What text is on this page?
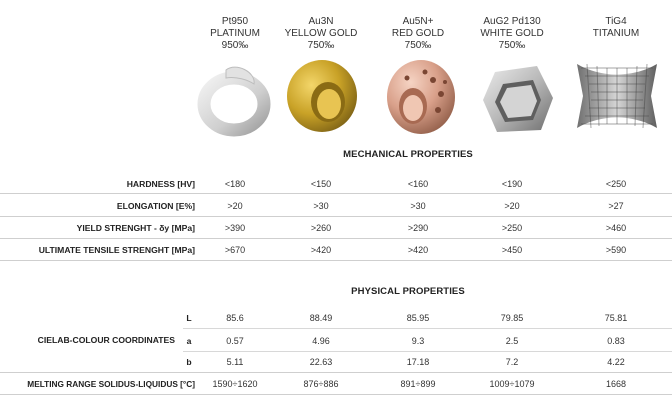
Pt950
PLATINUM
950‰
Au3N
YELLOW GOLD
750‰
Au5N+
RED GOLD
750‰
AuG2 Pd130
WHITE GOLD
750‰
TiG4
TITANIUM
MECHANICAL PROPERTIES
HARDNESS [HV]	<180	<150	<160	<190	<250
ELONGATION [E%]	>20	>30	>30	>20	>27
YIELD STRENGHT - δy [MPa]	>390	>260	>290	>250	>460
ULTIMATE TENSILE STRENGHT [MPa]	>670	>420	>420	>450	>590
PHYSICAL PROPERTIES
CIELAB-COLOUR COORDINATES
L	85.6	88.49	85.95	79.85	75.81
a	0.57	4.96	9.3	2.5	0.83
b	5.11	22.63	17.18	7.2	4.22
MELTING RANGE SOLIDUS-LIQUIDUS [°C]	1590÷1620	876÷886	891÷899	1009÷1079	1668
